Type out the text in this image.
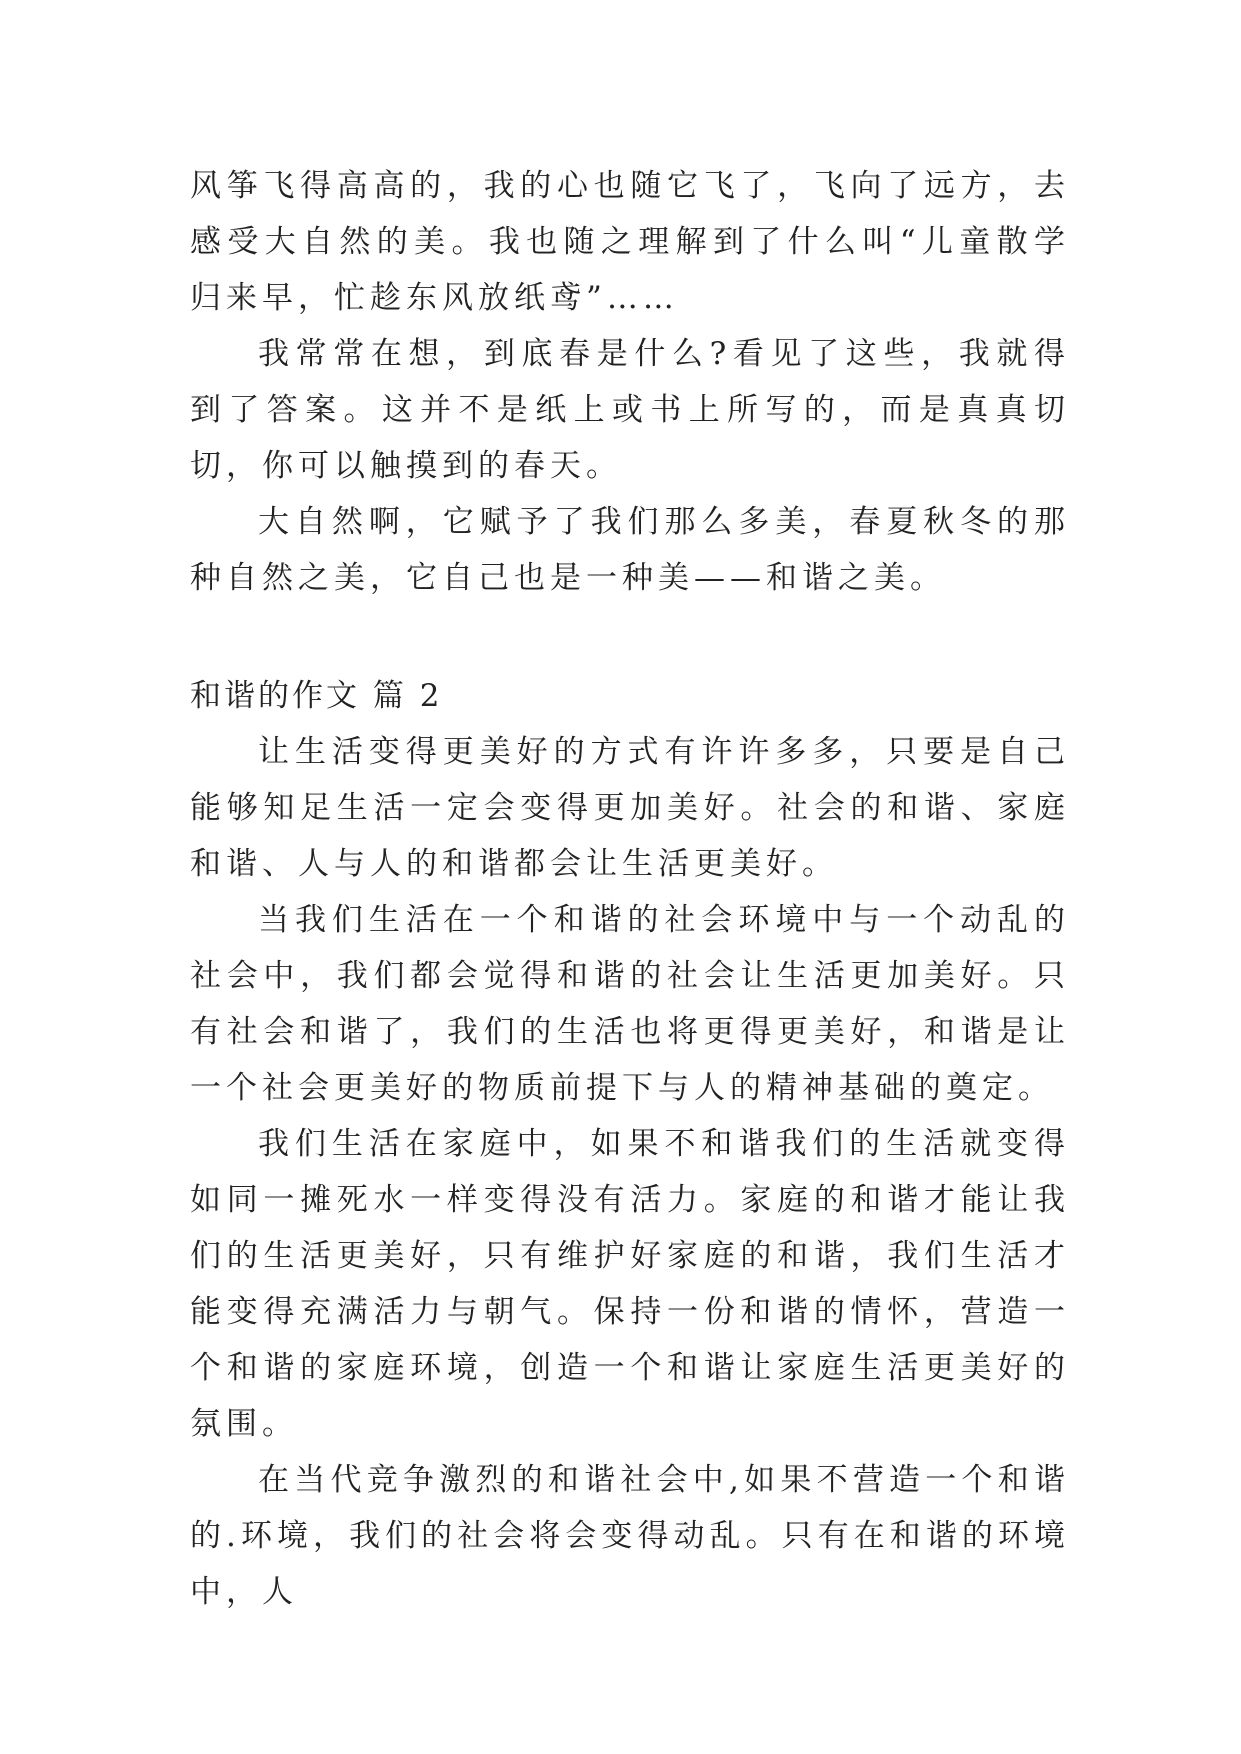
风筝飞得高高的，我的心也随它飞了，飞向了远方，去感受大自然的美。我也随之理解到了什么叫“儿童散学归来早，忙趁东风放纸鸢”……

我常常在想，到底春是什么?看见了这些，我就得到了答案。这并不是纸上或书上所写的，而是真真切切，你可以触摸到的春天。

大自然啊，它赋予了我们那么多美，春夏秋冬的那种自然之美，它自己也是一种美——和谐之美。

和谐的作文 篇 2

让生活变得更美好的方式有许许多多，只要是自己能够知足生活一定会变得更加美好。社会的和谐、家庭和谐、人与人的和谐都会让生活更美好。

当我们生活在一个和谐的社会环境中与一个动乱的社会中，我们都会觉得和谐的社会让生活更加美好。只有社会和谐了，我们的生活也将更得更美好，和谐是让一个社会更美好的物质前提下与人的精神基础的奠定。

我们生活在家庭中，如果不和谐我们的生活就变得如同一摊死水一样变得没有活力。家庭的和谐才能让我们的生活更美好，只有维护好家庭的和谐，我们生活才能变得充满活力与朝气。保持一份和谐的情怀，营造一个和谐的家庭环境，创造一个和谐让家庭生活更美好的氛围。

在当代竞争激烈的和谐社会中,如果不营造一个和谐的.环境，我们的社会将会变得动乱。只有在和谐的环境中，人
